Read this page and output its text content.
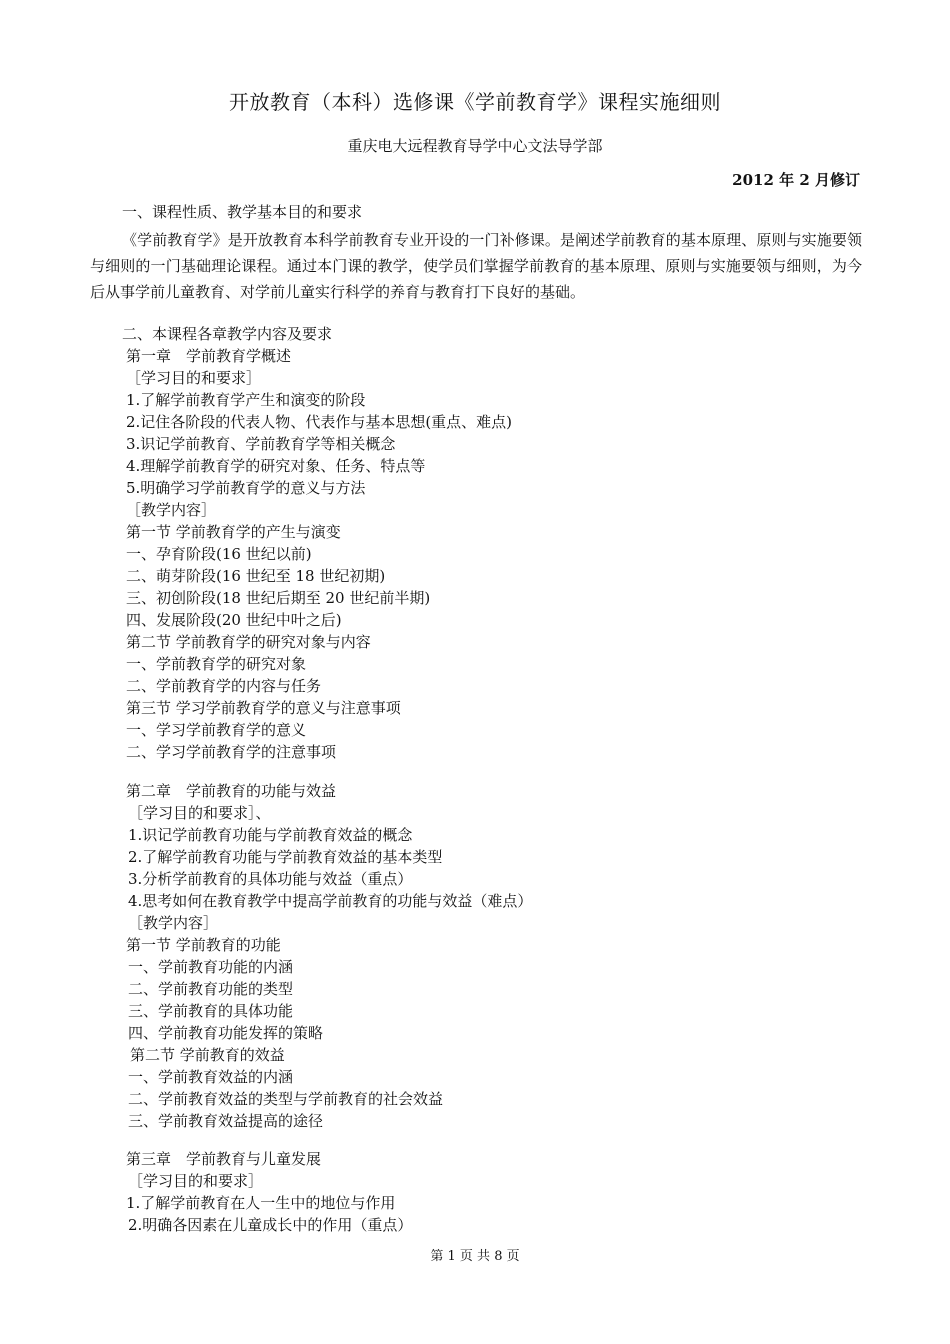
开放教育（本科）选修课《学前教育学》课程实施细则
重庆电大远程教育导学中心文法导学部
2012 年 2 月修订
一、课程性质、教学基本目的和要求
《学前教育学》是开放教育本科学前教育专业开设的一门补修课。是阐述学前教育的基本原理、原则与实施要领与细则的一门基础理论课程。通过本门课的教学，使学员们掌握学前教育的基本原理、原则与实施要领与细则，为今后从事学前儿童教育、对学前儿童实行科学的养育与教育打下良好的基础。
二、本课程各章教学内容及要求
第一章　学前教育学概述
［学习目的和要求］
1.了解学前教育学产生和演变的阶段
2.记住各阶段的代表人物、代表作与基本思想(重点、难点)
3.识记学前教育、学前教育学等相关概念
4.理解学前教育学的研究对象、任务、特点等
5.明确学习学前教育学的意义与方法
［教学内容］
第一节 学前教育学的产生与演变
一、孕育阶段(16 世纪以前)
二、萌芽阶段(16 世纪至 18 世纪初期)
三、初创阶段(18 世纪后期至 20 世纪前半期)
四、发展阶段(20 世纪中叶之后)
第二节 学前教育学的研究对象与内容
一、学前教育学的研究对象
二、学前教育学的内容与任务
第三节 学习学前教育学的意义与注意事项
一、学习学前教育学的意义
二、学习学前教育学的注意事项
第二章　学前教育的功能与效益
［学习目的和要求］、
1.识记学前教育功能与学前教育效益的概念
2.了解学前教育功能与学前教育效益的基本类型
3.分析学前教育的具体功能与效益（重点）
4.思考如何在教育教学中提高学前教育的功能与效益（难点）
［教学内容］
第一节 学前教育的功能
一、学前教育功能的内涵
二、学前教育功能的类型
三、学前教育的具体功能
四、学前教育功能发挥的策略
第二节 学前教育的效益
一、学前教育效益的内涵
二、学前教育效益的类型与学前教育的社会效益
三、学前教育效益提高的途径
第三章　学前教育与儿童发展
［学习目的和要求］
1.了解学前教育在人一生中的地位与作用
2.明确各因素在儿童成长中的作用（重点）
第 1 页 共 8 页
